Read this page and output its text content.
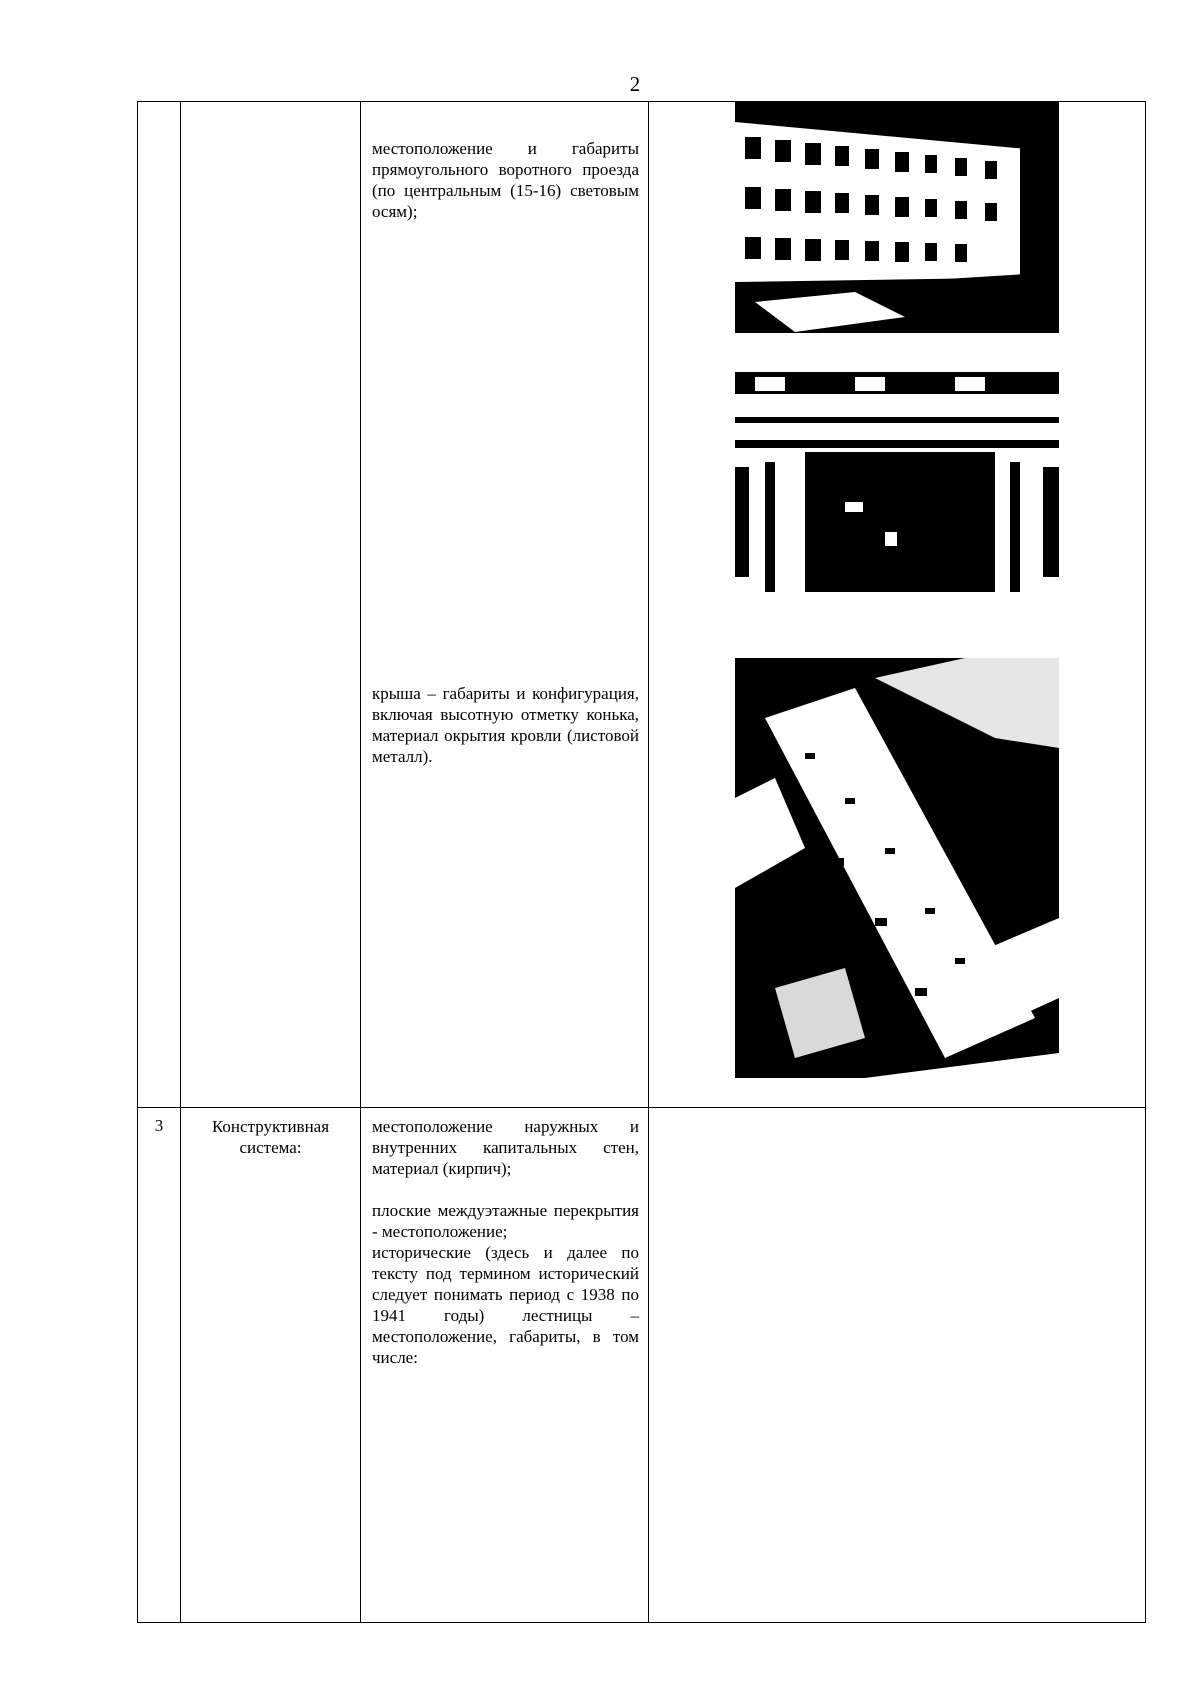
2

		местоположение и габариты прямоугольного воротного проезда (по центральным (15-16) световым осям);

крыша – габариты и конфигурация, включая высотную отметку конька, материал окрытия кровли (листовой металл).

3	Конструктивная система:	местоположение наружных и внутренних капитальных стен, материал (кирпич);

плоские междуэтажные перекрытия - местоположение;

исторические (здесь и далее по тексту под термином исторический следует понимать период с 1938 по 1941 годы) лестницы – местоположение, габариты, в том числе:	
